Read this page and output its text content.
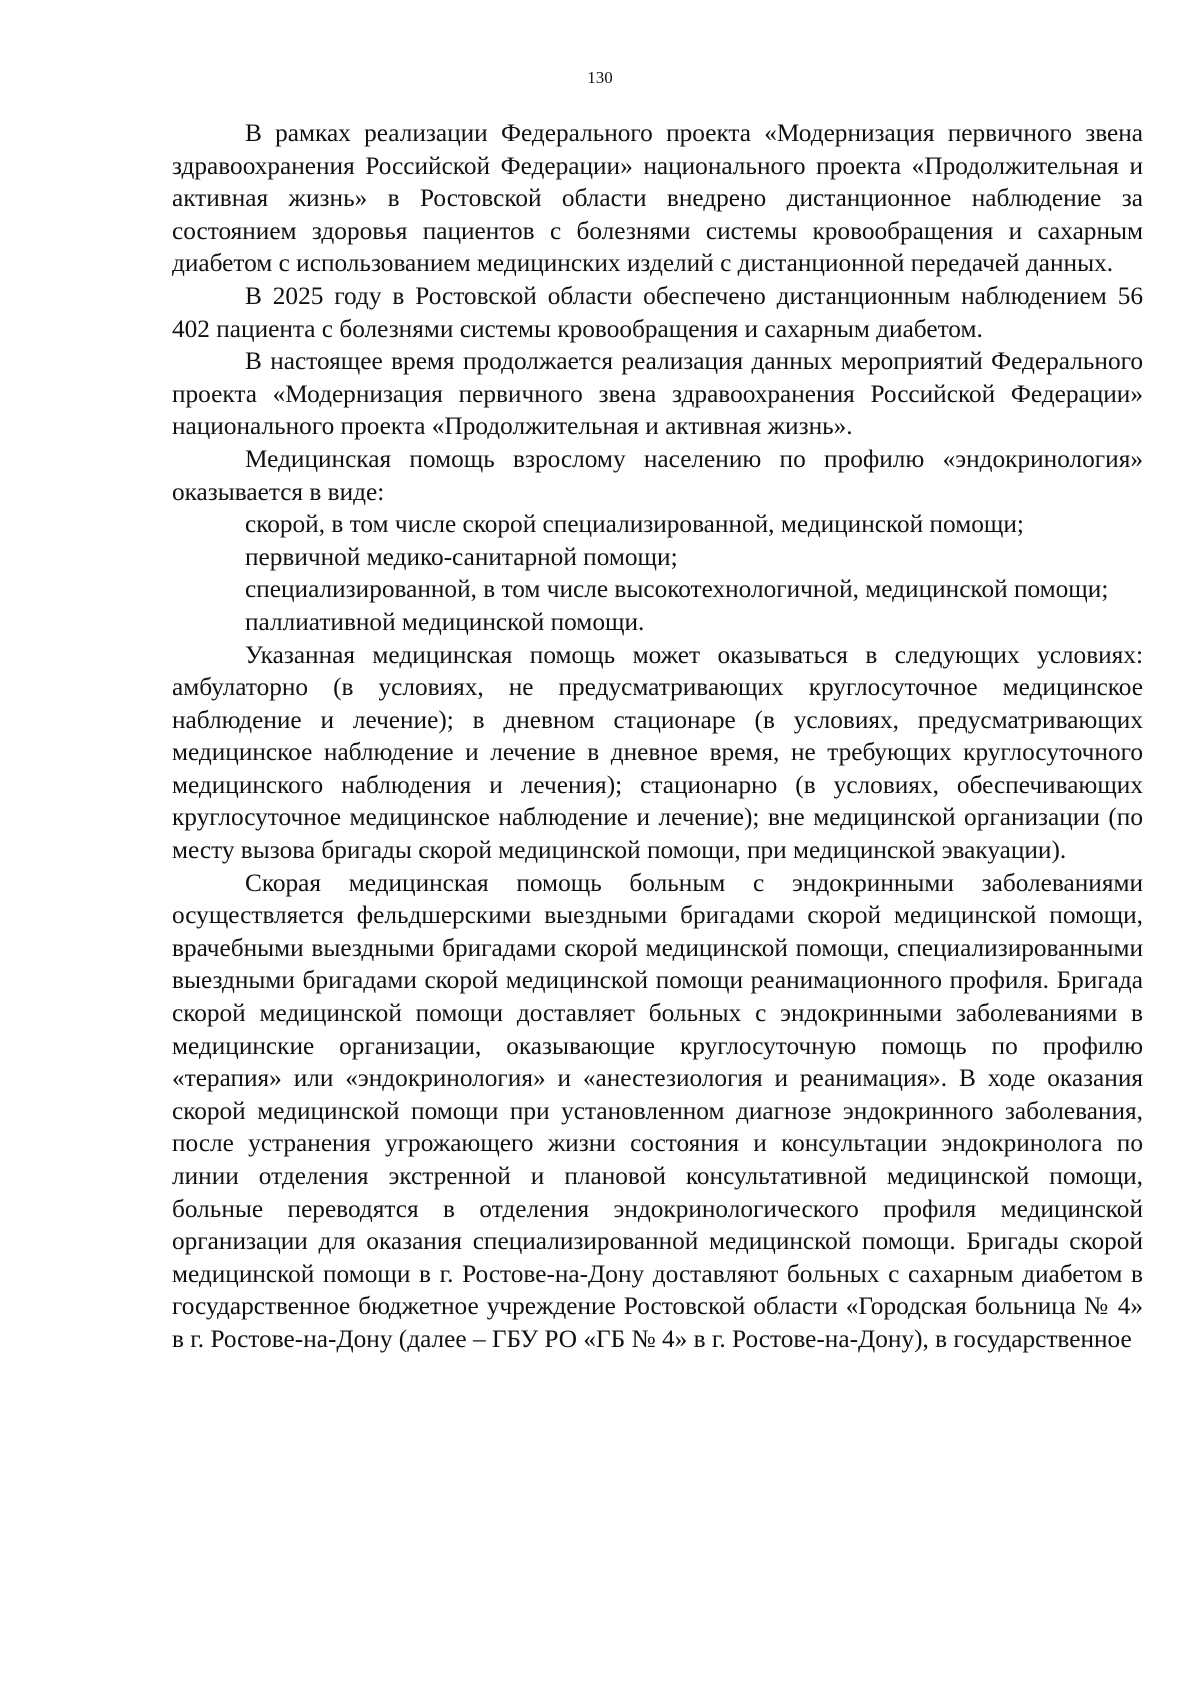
130

В рамках реализации Федерального проекта «Модернизация первичного звена здравоохранения Российской Федерации» национального проекта «Продолжительная и активная жизнь» в Ростовской области внедрено дистанционное наблюдение за состоянием здоровья пациентов с болезнями системы кровообращения и сахарным диабетом с использованием медицинских изделий с дистанционной передачей данных.

В 2025 году в Ростовской области обеспечено дистанционным наблюдением 56 402 пациента с болезнями системы кровообращения и сахарным диабетом.

В настоящее время продолжается реализация данных мероприятий Федерального проекта «Модернизация первичного звена здравоохранения Российской Федерации» национального проекта «Продолжительная и активная жизнь».

Медицинская помощь взрослому населению по профилю «эндокринология» оказывается в виде:

скорой, в том числе скорой специализированной, медицинской помощи;

первичной медико-санитарной помощи;

специализированной, в том числе высокотехнологичной, медицинской помощи;

паллиативной медицинской помощи.

Указанная медицинская помощь может оказываться в следующих условиях: амбулаторно (в условиях, не предусматривающих круглосуточное медицинское наблюдение и лечение); в дневном стационаре (в условиях, предусматривающих медицинское наблюдение и лечение в дневное время, не требующих круглосуточного медицинского наблюдения и лечения); стационарно (в условиях, обеспечивающих круглосуточное медицинское наблюдение и лечение); вне медицинской организации (по месту вызова бригады скорой медицинской помощи, при медицинской эвакуации).

Скорая медицинская помощь больным с эндокринными заболеваниями осуществляется фельдшерскими выездными бригадами скорой медицинской помощи, врачебными выездными бригадами скорой медицинской помощи, специализированными выездными бригадами скорой медицинской помощи реанимационного профиля. Бригада скорой медицинской помощи доставляет больных с эндокринными заболеваниями в медицинские организации, оказывающие круглосуточную помощь по профилю «терапия» или «эндокринология» и «анестезиология и реанимация». В ходе оказания скорой медицинской помощи при установленном диагнозе эндокринного заболевания, после устранения угрожающего жизни состояния и консультации эндокринолога по линии отделения экстренной и плановой консультативной медицинской помощи, больные переводятся в отделения эндокринологического профиля медицинской организации для оказания специализированной медицинской помощи. Бригады скорой медицинской помощи в г. Ростове-на-Дону доставляют больных с сахарным диабетом в государственное бюджетное учреждение Ростовской области «Городская больница № 4» в г. Ростове-на-Дону (далее – ГБУ РО «ГБ № 4» в г. Ростове-на-Дону), в государственное
